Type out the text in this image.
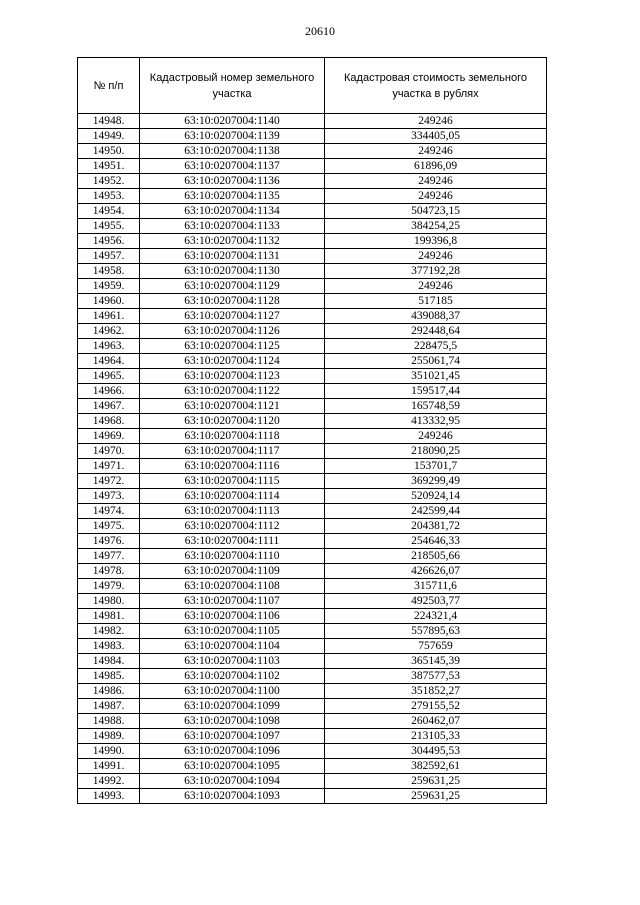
20610
№ п/п	Кадастровый номер земельного участка	Кадастровая стоимость земельного участка в рублях
14948.	63:10:0207004:1140	249246
14949.	63:10:0207004:1139	334405,05
14950.	63:10:0207004:1138	249246
14951.	63:10:0207004:1137	61896,09
14952.	63:10:0207004:1136	249246
14953.	63:10:0207004:1135	249246
14954.	63:10:0207004:1134	504723,15
14955.	63:10:0207004:1133	384254,25
14956.	63:10:0207004:1132	199396,8
14957.	63:10:0207004:1131	249246
14958.	63:10:0207004:1130	377192,28
14959.	63:10:0207004:1129	249246
14960.	63:10:0207004:1128	517185
14961.	63:10:0207004:1127	439088,37
14962.	63:10:0207004:1126	292448,64
14963.	63:10:0207004:1125	228475,5
14964.	63:10:0207004:1124	255061,74
14965.	63:10:0207004:1123	351021,45
14966.	63:10:0207004:1122	159517,44
14967.	63:10:0207004:1121	165748,59
14968.	63:10:0207004:1120	413332,95
14969.	63:10:0207004:1118	249246
14970.	63:10:0207004:1117	218090,25
14971.	63:10:0207004:1116	153701,7
14972.	63:10:0207004:1115	369299,49
14973.	63:10:0207004:1114	520924,14
14974.	63:10:0207004:1113	242599,44
14975.	63:10:0207004:1112	204381,72
14976.	63:10:0207004:1111	254646,33
14977.	63:10:0207004:1110	218505,66
14978.	63:10:0207004:1109	426626,07
14979.	63:10:0207004:1108	315711,6
14980.	63:10:0207004:1107	492503,77
14981.	63:10:0207004:1106	224321,4
14982.	63:10:0207004:1105	557895,63
14983.	63:10:0207004:1104	757659
14984.	63:10:0207004:1103	365145,39
14985.	63:10:0207004:1102	387577,53
14986.	63:10:0207004:1100	351852,27
14987.	63:10:0207004:1099	279155,52
14988.	63:10:0207004:1098	260462,07
14989.	63:10:0207004:1097	213105,33
14990.	63:10:0207004:1096	304495,53
14991.	63:10:0207004:1095	382592,61
14992.	63:10:0207004:1094	259631,25
14993.	63:10:0207004:1093	259631,25
